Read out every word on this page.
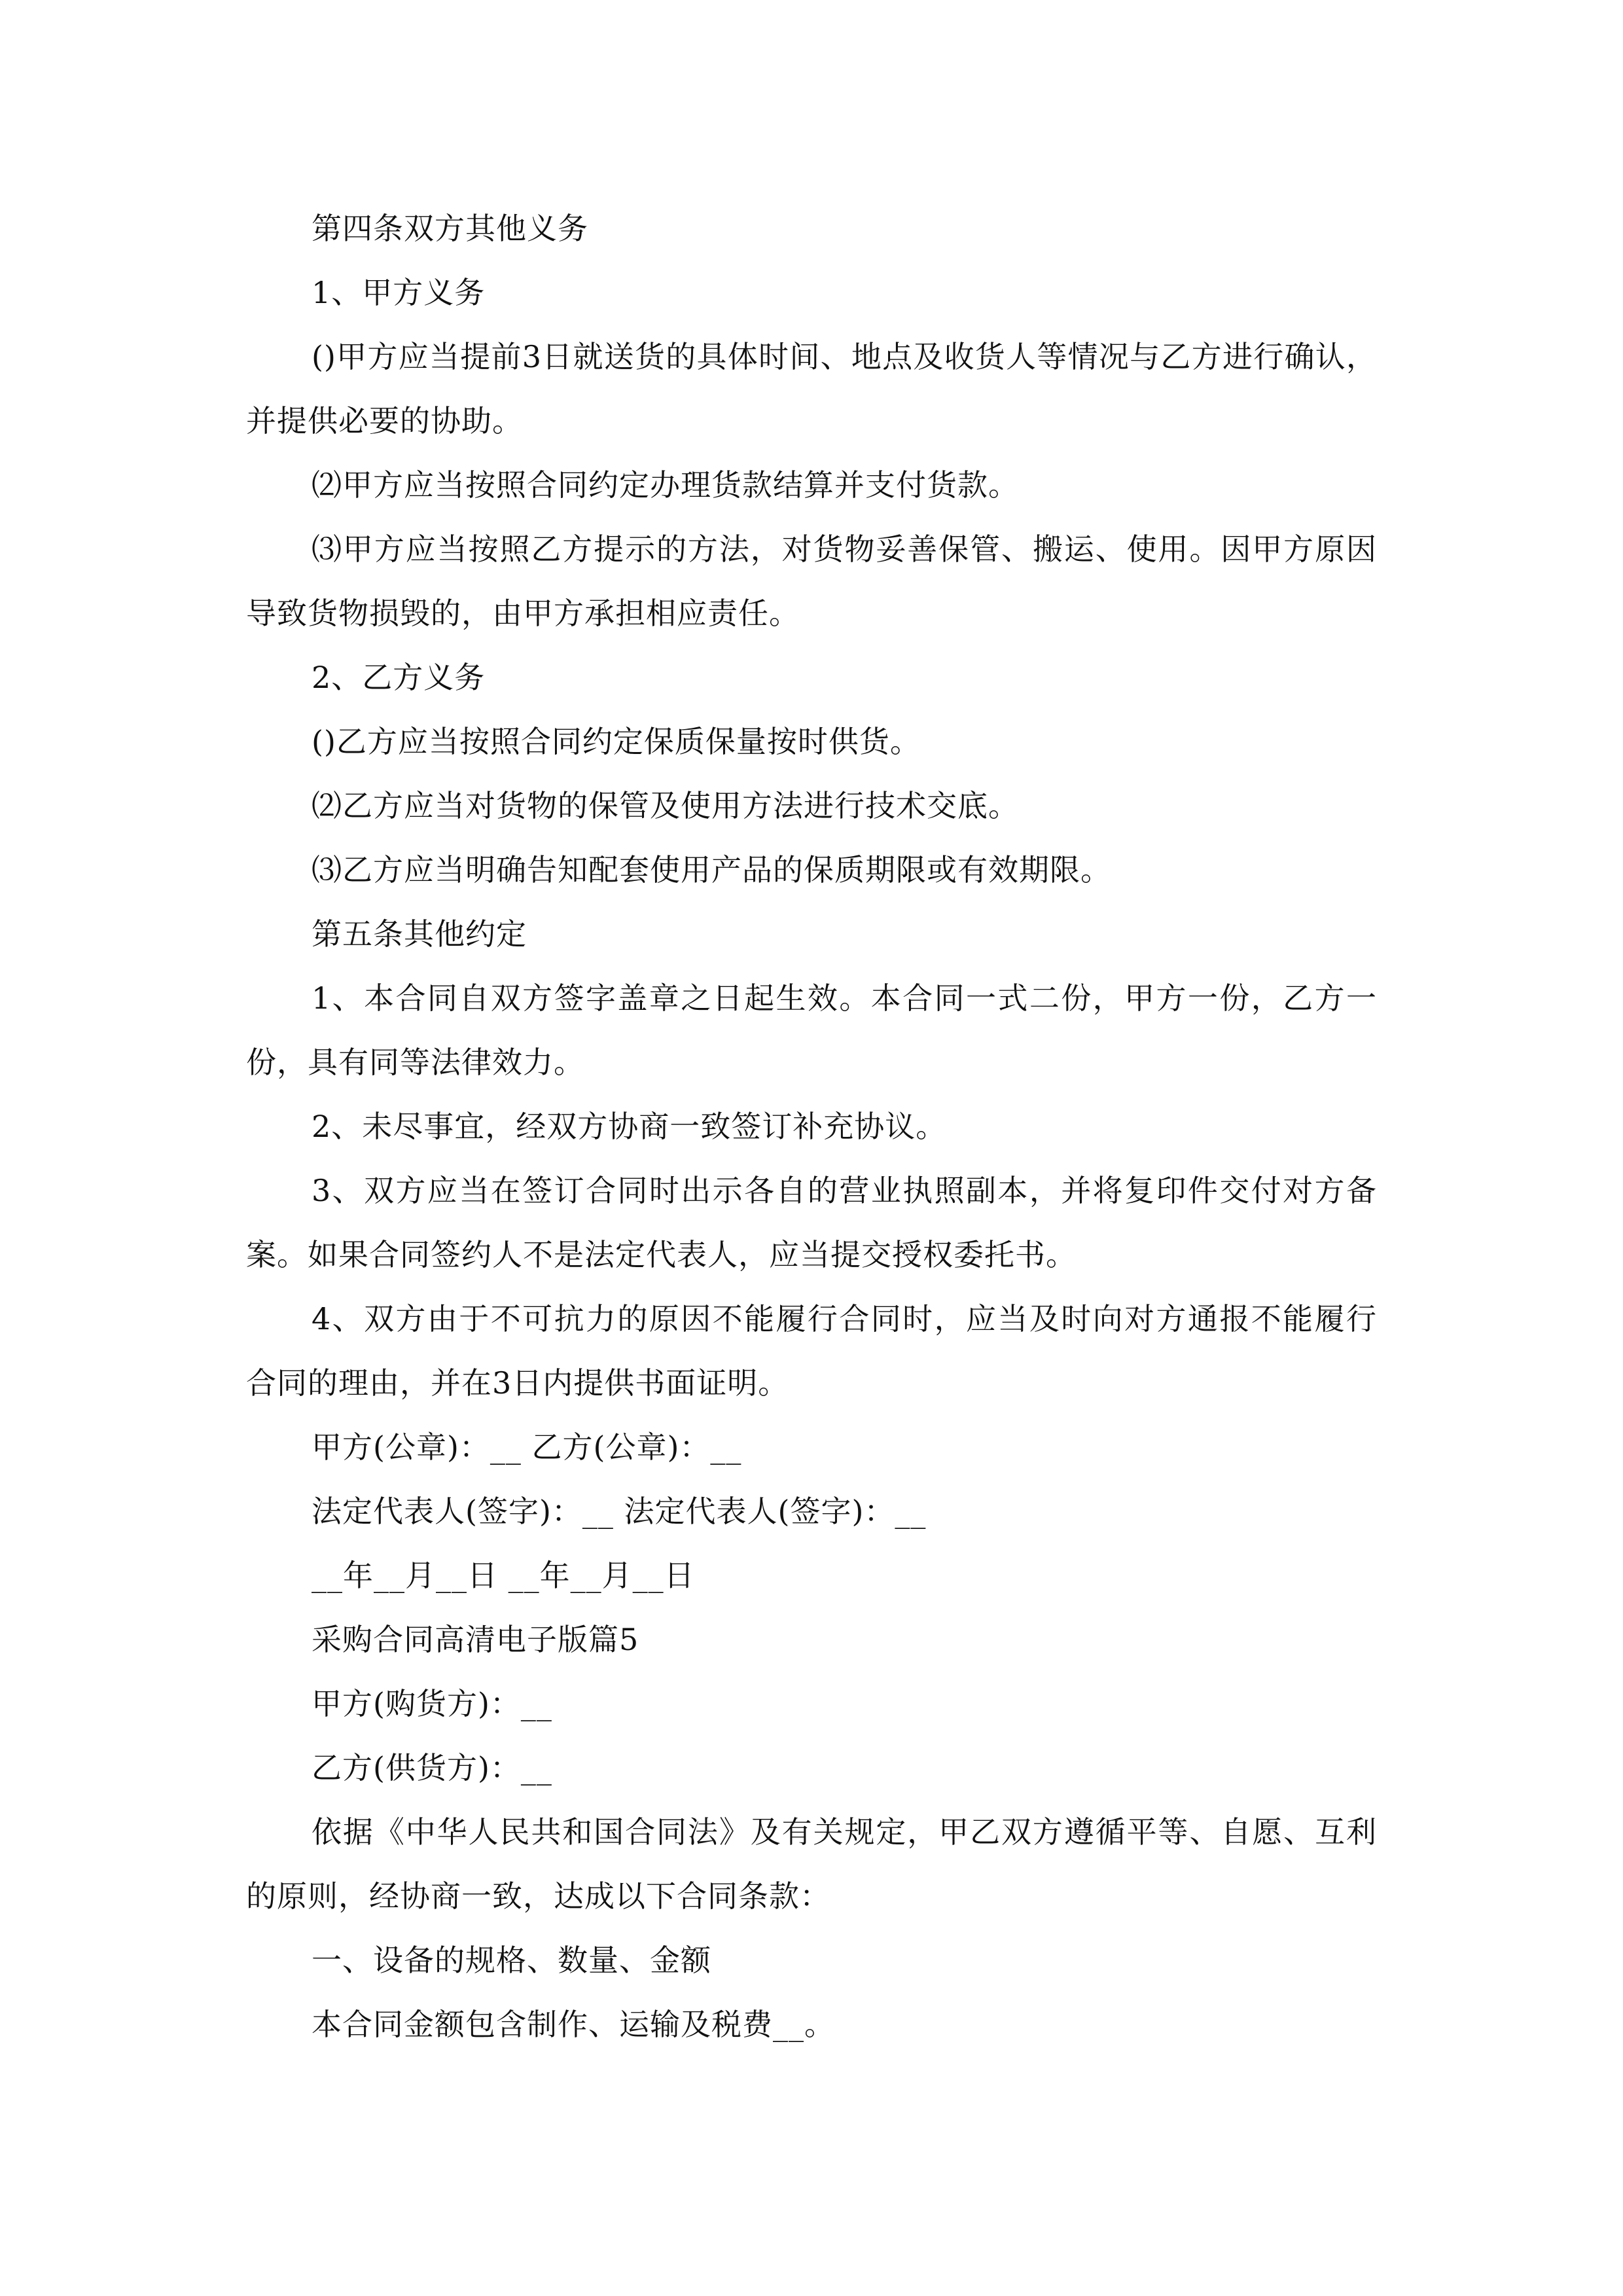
第四条双方其他义务

1、甲方义务

()甲方应当提前3日就送货的具体时间、地点及收货人等情况与乙方进行确认，并提供必要的协助。

⑵甲方应当按照合同约定办理货款结算并支付货款。

⑶甲方应当按照乙方提示的方法，对货物妥善保管、搬运、使用。因甲方原因导致货物损毁的，由甲方承担相应责任。

2、乙方义务

()乙方应当按照合同约定保质保量按时供货。

⑵乙方应当对货物的保管及使用方法进行技术交底。

⑶乙方应当明确告知配套使用产品的保质期限或有效期限。

第五条其他约定

1、本合同自双方签字盖章之日起生效。本合同一式二份，甲方一份，乙方一份，具有同等法律效力。

2、未尽事宜，经双方协商一致签订补充协议。

3、双方应当在签订合同时出示各自的营业执照副本，并将复印件交付对方备案。如果合同签约人不是法定代表人，应当提交授权委托书。

4、双方由于不可抗力的原因不能履行合同时，应当及时向对方通报不能履行合同的理由，并在3日内提供书面证明。

甲方(公章)：__ 乙方(公章)：__

法定代表人(签字)：__ 法定代表人(签字)：__

__年__月__日 __年__月__日

采购合同高清电子版篇5

甲方(购货方)：__

乙方(供货方)：__

依据《中华人民共和国合同法》及有关规定，甲乙双方遵循平等、自愿、互利的原则，经协商一致，达成以下合同条款：

一、设备的规格、数量、金额

本合同金额包含制作、运输及税费__。
